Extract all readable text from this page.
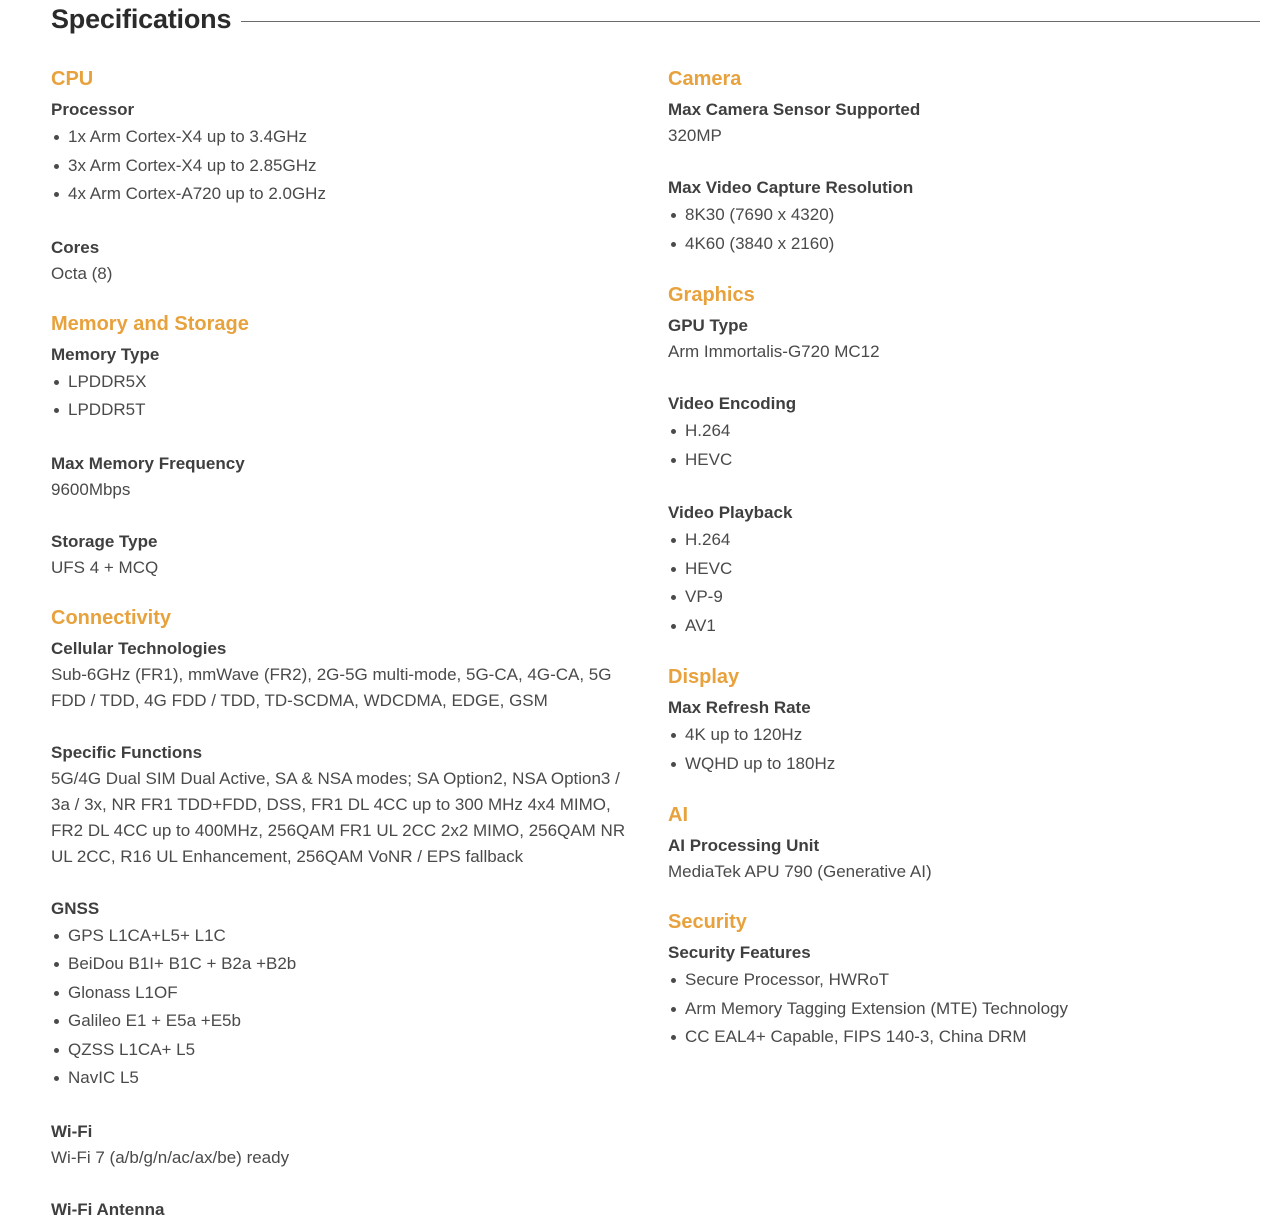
Specifications
CPU
Processor
1x Arm Cortex-X4 up to 3.4GHz
3x Arm Cortex-X4 up to 2.85GHz
4x Arm Cortex-A720 up to 2.0GHz
Cores
Octa (8)
Memory and Storage
Memory Type
LPDDR5X
LPDDR5T
Max Memory Frequency
9600Mbps
Storage Type
UFS 4 + MCQ
Connectivity
Cellular Technologies
Sub-6GHz (FR1), mmWave (FR2), 2G-5G multi-mode, 5G-CA, 4G-CA, 5G FDD / TDD, 4G FDD / TDD, TD-SCDMA, WDCDMA, EDGE, GSM
Specific Functions
5G/4G Dual SIM Dual Active, SA & NSA modes; SA Option2, NSA Option3 / 3a / 3x, NR FR1 TDD+FDD, DSS, FR1 DL 4CC up to 300 MHz 4x4 MIMO, FR2 DL 4CC up to 400MHz, 256QAM FR1 UL 2CC 2x2 MIMO, 256QAM NR UL 2CC, R16 UL Enhancement, 256QAM VoNR / EPS fallback
GNSS
GPS L1CA+L5+ L1C
BeiDou B1I+ B1C + B2a +B2b
Glonass L1OF
Galileo E1 + E5a +E5b
QZSS L1CA+ L5
NavIC L5
Wi-Fi
Wi-Fi 7 (a/b/g/n/ac/ax/be) ready
Wi-Fi Antenna
Camera
Max Camera Sensor Supported
320MP
Max Video Capture Resolution
8K30 (7690 x 4320)
4K60 (3840 x 2160)
Graphics
GPU Type
Arm Immortalis-G720 MC12
Video Encoding
H.264
HEVC
Video Playback
H.264
HEVC
VP-9
AV1
Display
Max Refresh Rate
4K up to 120Hz
WQHD up to 180Hz
AI
AI Processing Unit
MediaTek APU 790 (Generative AI)
Security
Security Features
Secure Processor, HWRoT
Arm Memory Tagging Extension (MTE) Technology
CC EAL4+ Capable, FIPS 140-3, China DRM
